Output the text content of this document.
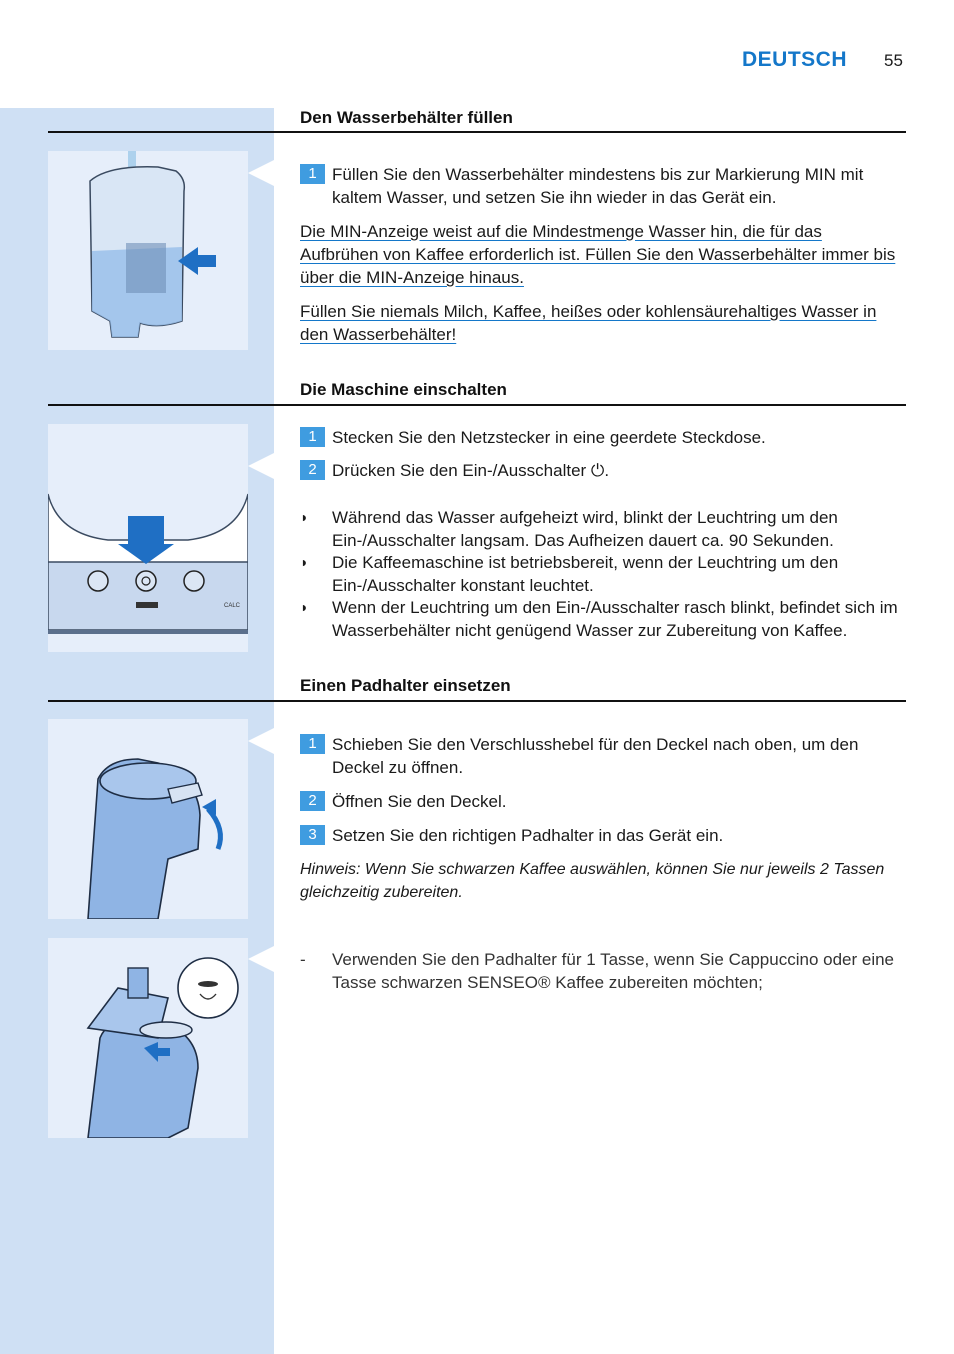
DEUTSCH 55
Den Wasserbehälter füllen
1 Füllen Sie den Wasserbehälter mindestens bis zur Markierung MIN mit kaltem Wasser, und setzen Sie ihn wieder in das Gerät ein.
Die MIN-Anzeige weist auf die Mindestmenge Wasser hin, die für das Aufbrühen von Kaffee erforderlich ist. Füllen Sie den Wasserbehälter immer bis über die MIN-Anzeige hinaus.
Füllen Sie niemals Milch, Kaffee, heißes oder kohlensäurehaltiges Wasser in den Wasserbehälter!
Die Maschine einschalten
CALC
1 Stecken Sie den Netzstecker in eine geerdete Steckdose.
2 Drücken Sie den Ein-/Ausschalter ⏻.
◗ Während das Wasser aufgeheizt wird, blinkt der Leuchtring um den Ein-/Ausschalter langsam. Das Aufheizen dauert ca. 90 Sekunden.
◗ Die Kaffeemaschine ist betriebsbereit, wenn der Leuchtring um den Ein-/Ausschalter konstant leuchtet.
◗ Wenn der Leuchtring um den Ein-/Ausschalter rasch blinkt, befindet sich im Wasserbehälter nicht genügend Wasser zur Zubereitung von Kaffee.
Einen Padhalter einsetzen
1 Schieben Sie den Verschlusshebel für den Deckel nach oben, um den Deckel zu öffnen.
2 Öffnen Sie den Deckel.
3 Setzen Sie den richtigen Padhalter in das Gerät ein.
Hinweis: Wenn Sie schwarzen Kaffee auswählen, können Sie nur jeweils 2 Tassen gleichzeitig zubereiten.
- Verwenden Sie den Padhalter für 1 Tasse, wenn Sie Cappuccino oder eine Tasse schwarzen SENSEO® Kaffee zubereiten möchten;
